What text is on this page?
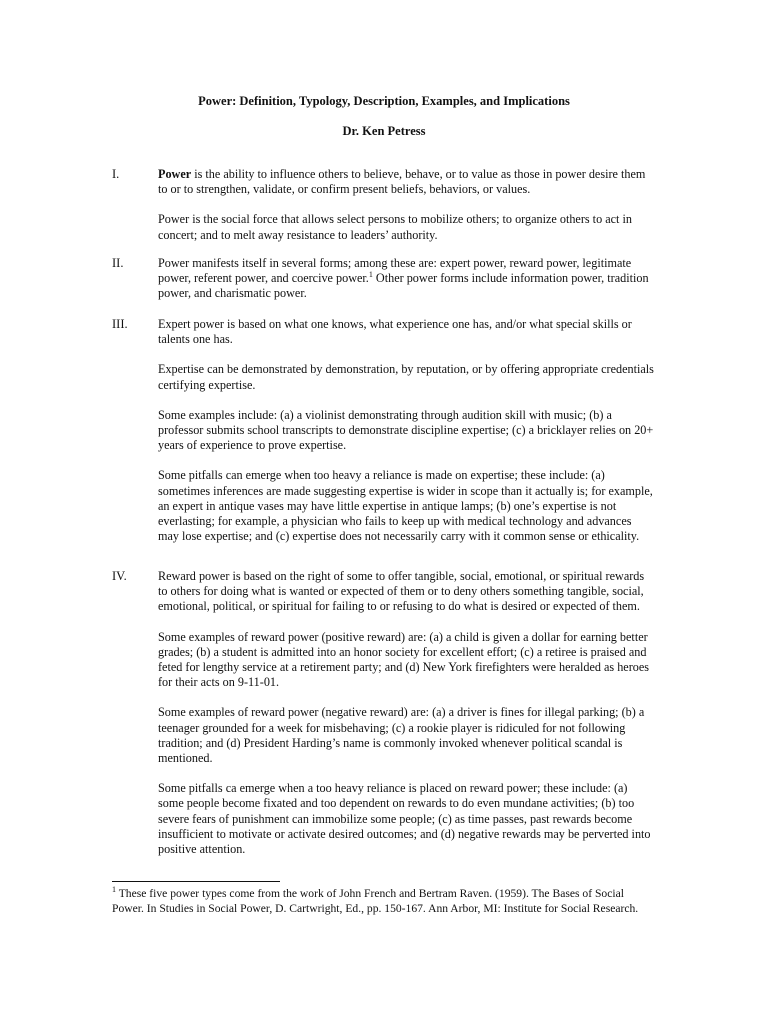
Power: Definition, Typology, Description, Examples, and Implications
Dr. Ken Petress
I.	Power is the ability to influence others to believe, behave, or to value as those in power desire them to or to strengthen, validate, or confirm present beliefs, behaviors, or values.

Power is the social force that allows select persons to mobilize others; to organize others to act in concert; and to melt away resistance to leaders’ authority.

II.	Power manifests itself in several forms; among these are: expert power, reward power, legitimate power, referent power, and coercive power.$^1$ Other power forms include information power, tradition power, and charismatic power.

III. Expert power is based on what one knows, what experience one has, and/or what special skills or talents one has.

Expertise can be demonstrated by demonstration, by reputation, or by offering appropriate credentials certifying expertise.

Some examples include: (a) a violinist demonstrating through audition skill with music; (b) a professor submits school transcripts to demonstrate discipline expertise; (c) a bricklayer relies on 20+ years of experience to prove expertise.

Some pitfalls can emerge when too heavy a reliance is made on expertise; these include: (a) sometimes inferences are made suggesting expertise is wider in scope than it actually is; for example, an expert in antique vases may have little expertise in antique lamps; (b) one’s expertise is not everlasting; for example, a physician who fails to keep up with medical technology and advances may lose expertise; and (c) expertise does not necessarily carry with it common sense or ethicality.

IV.	Reward power is based on the right of some to offer tangible, social, emotional, or spiritual rewards to others for doing what is wanted or expected of them or to deny others something tangible, social, emotional, political, or spiritual for failing to or refusing to do what is desired or expected of them.

Some examples of reward power (positive reward) are: (a) a child is given a dollar for earning better grades; (b) a student is admitted into an honor society for excellent effort; (c) a retiree is praised and feted for lengthy service at a retirement party; and (d) New York firefighters were heralded as heroes for their acts on 9-11-01.

Some examples of reward power (negative reward) are: (a) a driver is fines for illegal parking; (b) a teenager grounded for a week for misbehaving; (c) a rookie player is ridiculed for not following tradition; and (d) President Harding’s name is commonly invoked whenever political scandal is mentioned.

Some pitfalls ca emerge when a too heavy reliance is placed on reward power; these include: (a) some people become fixated and too dependent on rewards to do even mundane activities; (b) too severe fears of punishment can immobilize some people; (c) as time passes, past rewards become insufficient to motivate or activate desired outcomes; and (d) negative rewards may be perverted into positive attention.

$^1$ These five power types come from the work of John French and Bertram Raven. (1959). The Bases of Social Power. In Studies in Social Power, D. Cartwright, Ed., pp. 150-167. Ann Arbor, MI: Institute for Social Research.
